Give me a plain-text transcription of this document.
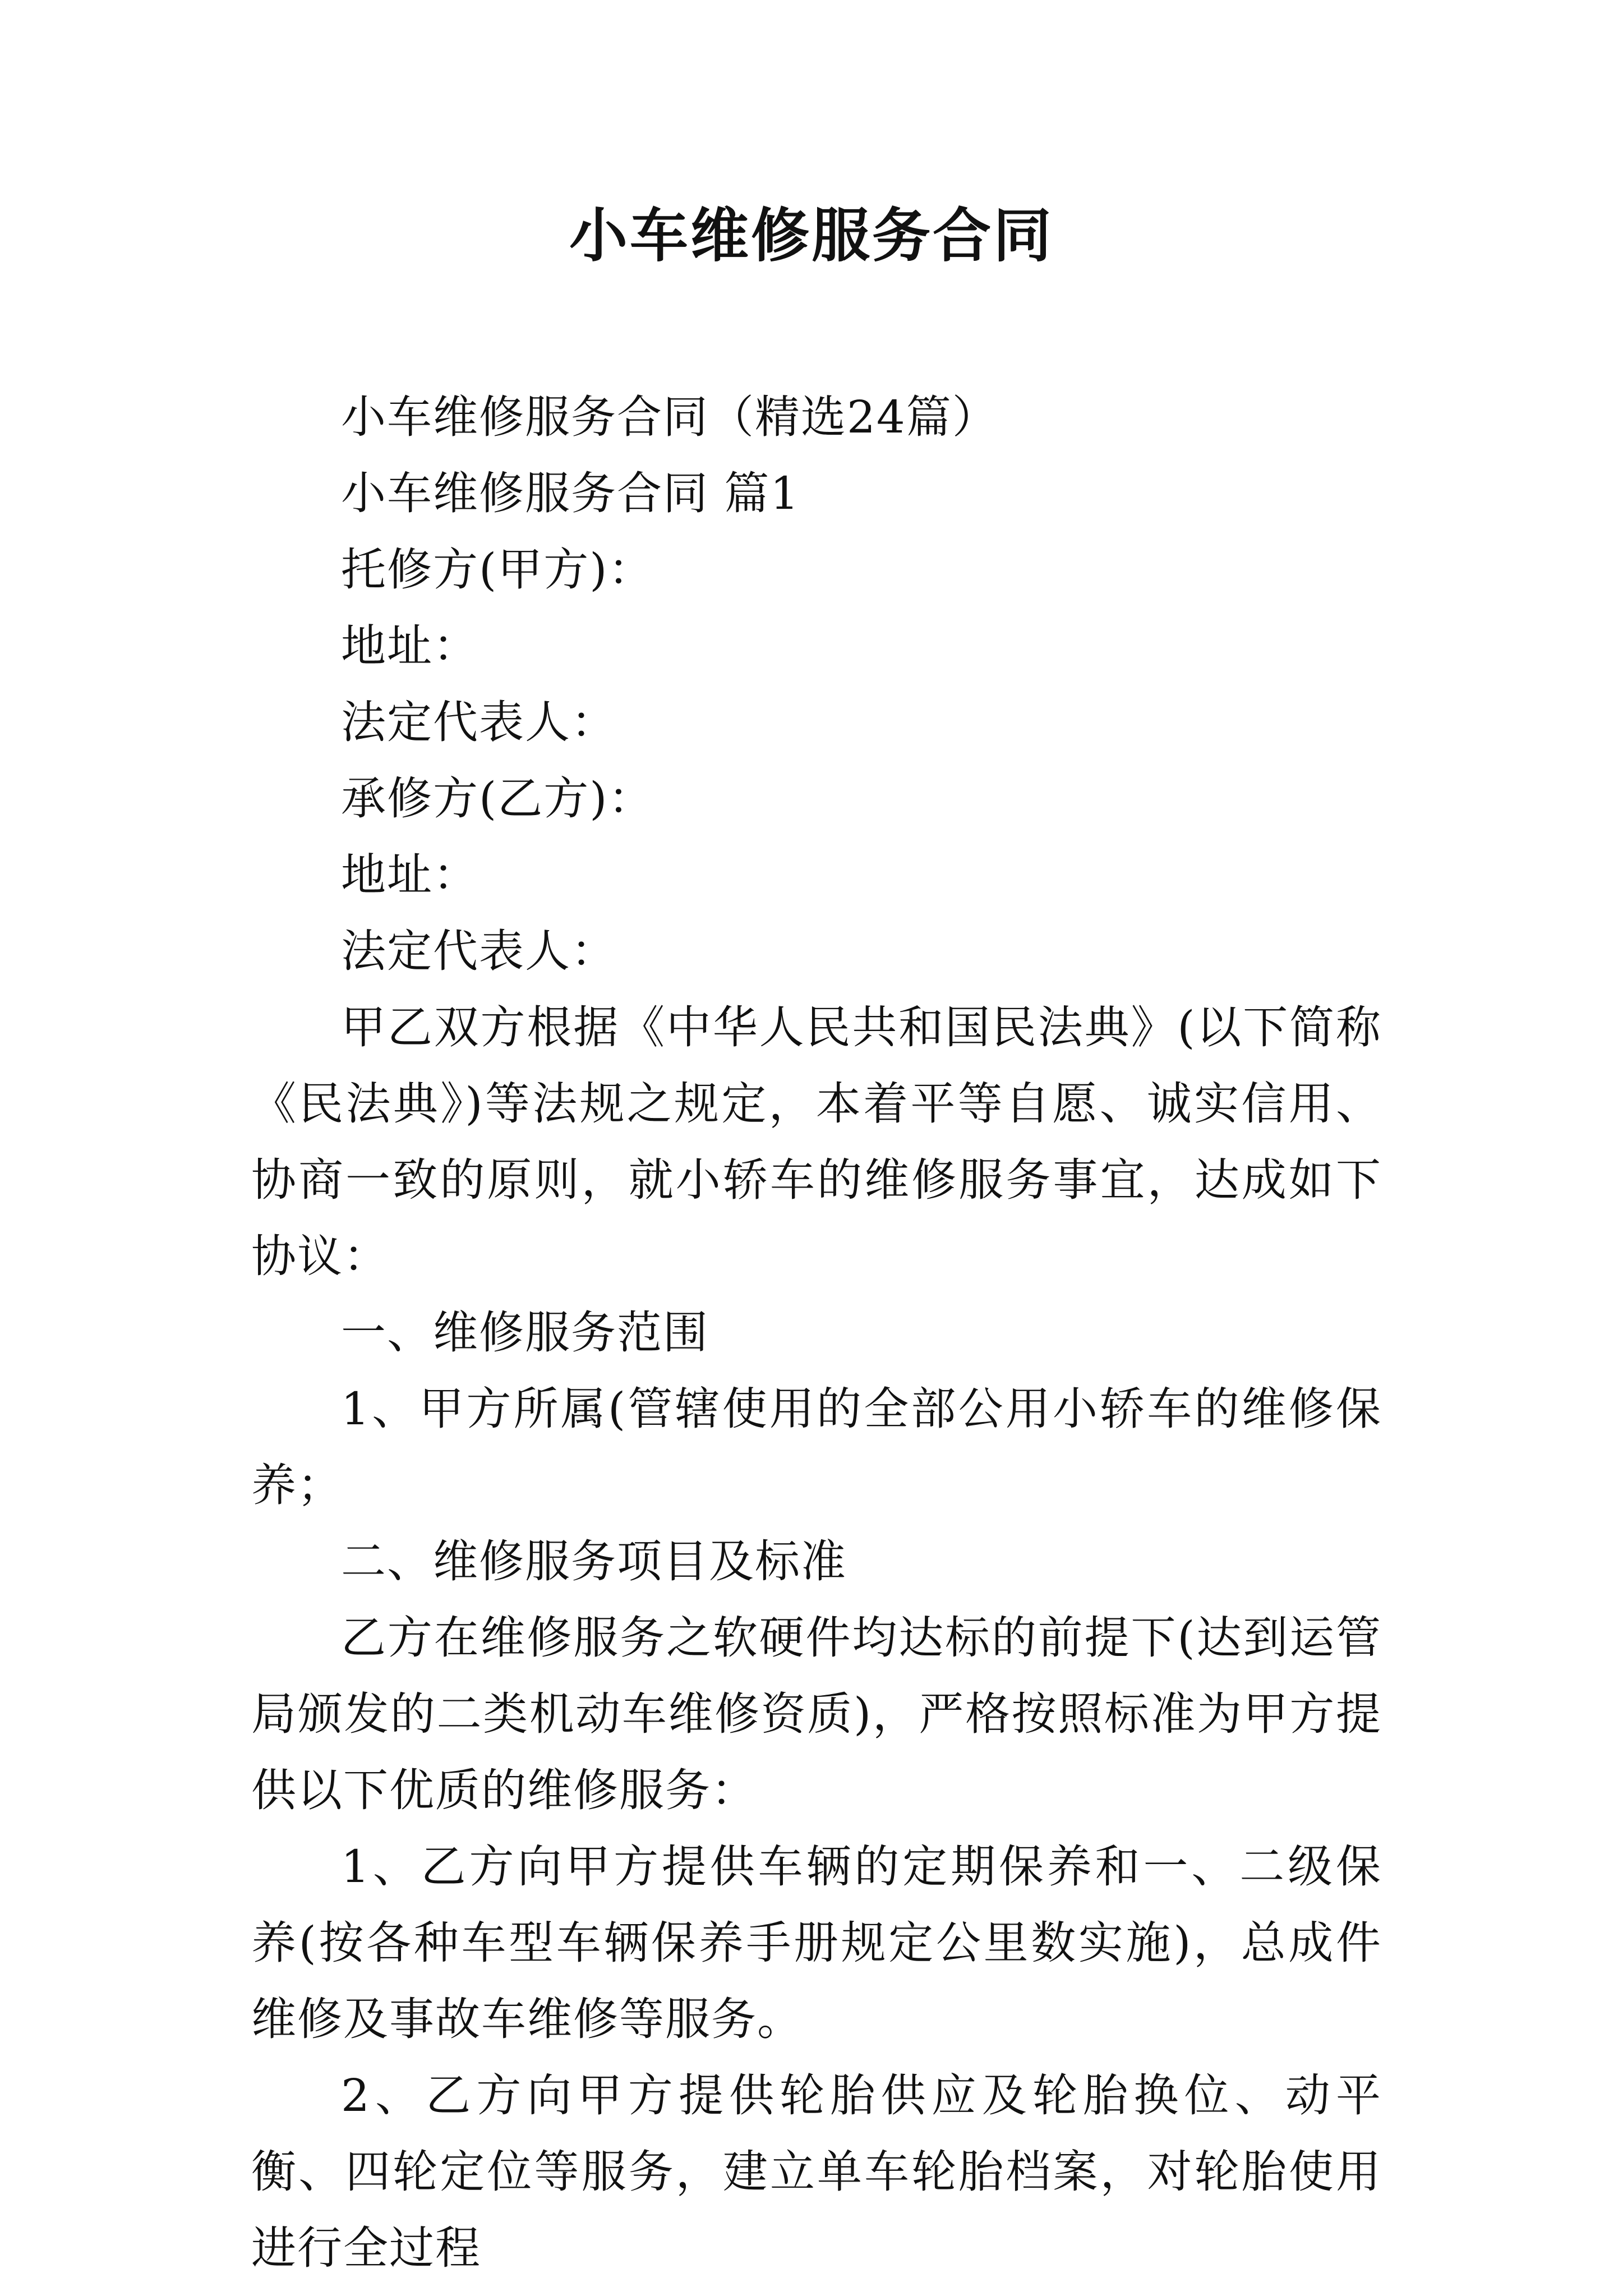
小车维修服务合同

小车维修服务合同（精选24篇）

小车维修服务合同 篇1

托修方(甲方)：

地址：

法定代表人：

承修方(乙方)：

地址：

法定代表人：

甲乙双方根据《中华人民共和国民法典》(以下简称《民法典》)等法规之规定，本着平等自愿、诚实信用、协商一致的原则，就小轿车的维修服务事宜，达成如下协议：

一、维修服务范围

1、甲方所属(管辖使用的全部公用小轿车的维修保养；

二、维修服务项目及标准

乙方在维修服务之软硬件均达标的前提下(达到运管局颁发的二类机动车维修资质)，严格按照标准为甲方提供以下优质的维修服务：

1、乙方向甲方提供车辆的定期保养和一、二级保养(按各种车型车辆保养手册规定公里数实施)，总成件维修及事故车维修等服务。

2、乙方向甲方提供轮胎供应及轮胎换位、动平衡、四轮定位等服务，建立单车轮胎档案，对轮胎使用进行全过程
